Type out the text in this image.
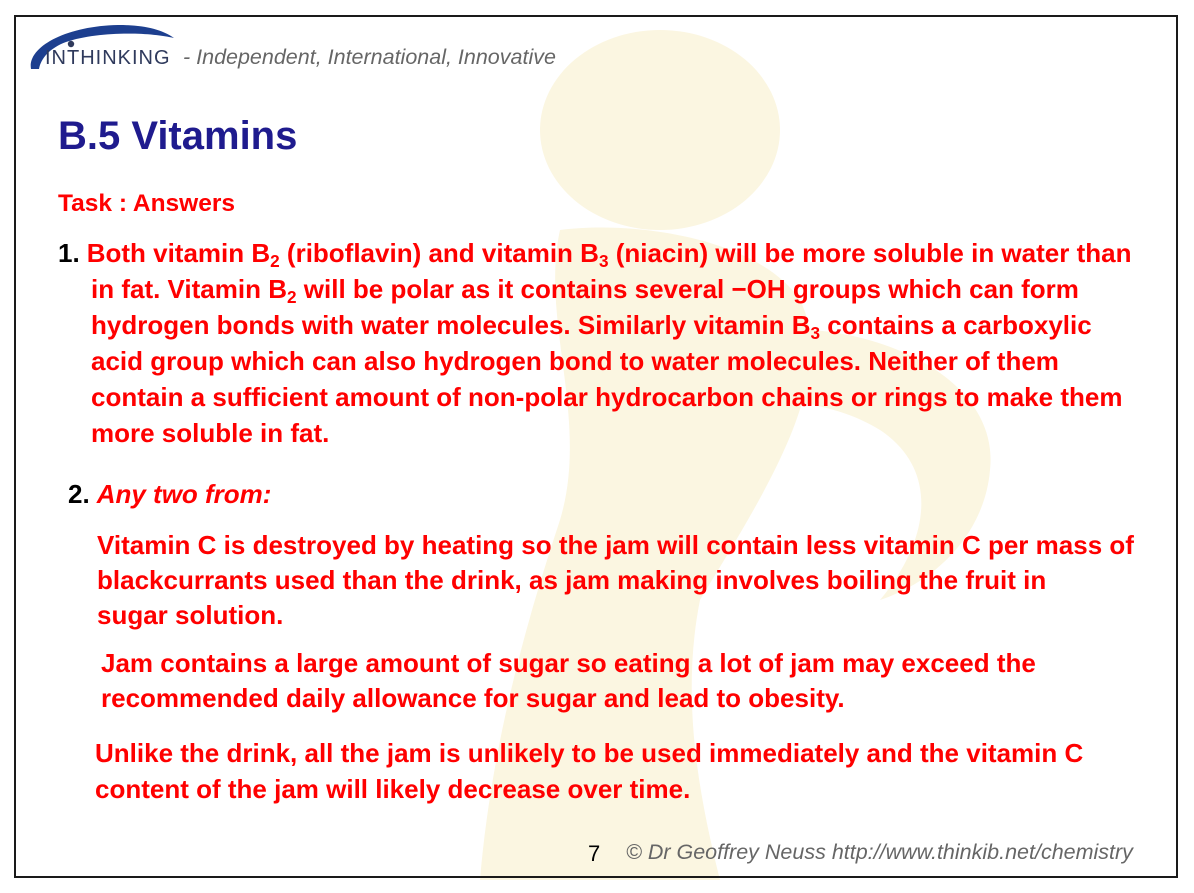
INTHINKING - Independent, International, Innovative
B.5 Vitamins
Task : Answers
1. Both vitamin $B_2$ (riboflavin) and vitamin $B_3$ (niacin) will be more soluble in water than
in fat. Vitamin $B_2$ will be polar as it contains several −OH groups which can form
hydrogen bonds with water molecules. Similarly vitamin $B_3$ contains a carboxylic
acid group which can also hydrogen bond to water molecules. Neither of them
contain a sufficient amount of non-polar hydrocarbon chains or rings to make them
more soluble in fat.
2. Any two from:
Vitamin C is destroyed by heating so the jam will contain less vitamin C per mass of
blackcurrants used than the drink, as jam making involves boiling the fruit in
sugar solution.
Jam contains a large amount of sugar so eating a lot of jam may exceed the
recommended daily allowance for sugar and lead to obesity.
Unlike the drink, all the jam is unlikely to be used immediately and the vitamin C
content of the jam will likely decrease over time.
7 © Dr Geoffrey Neuss http://www.thinkib.net/chemistry
